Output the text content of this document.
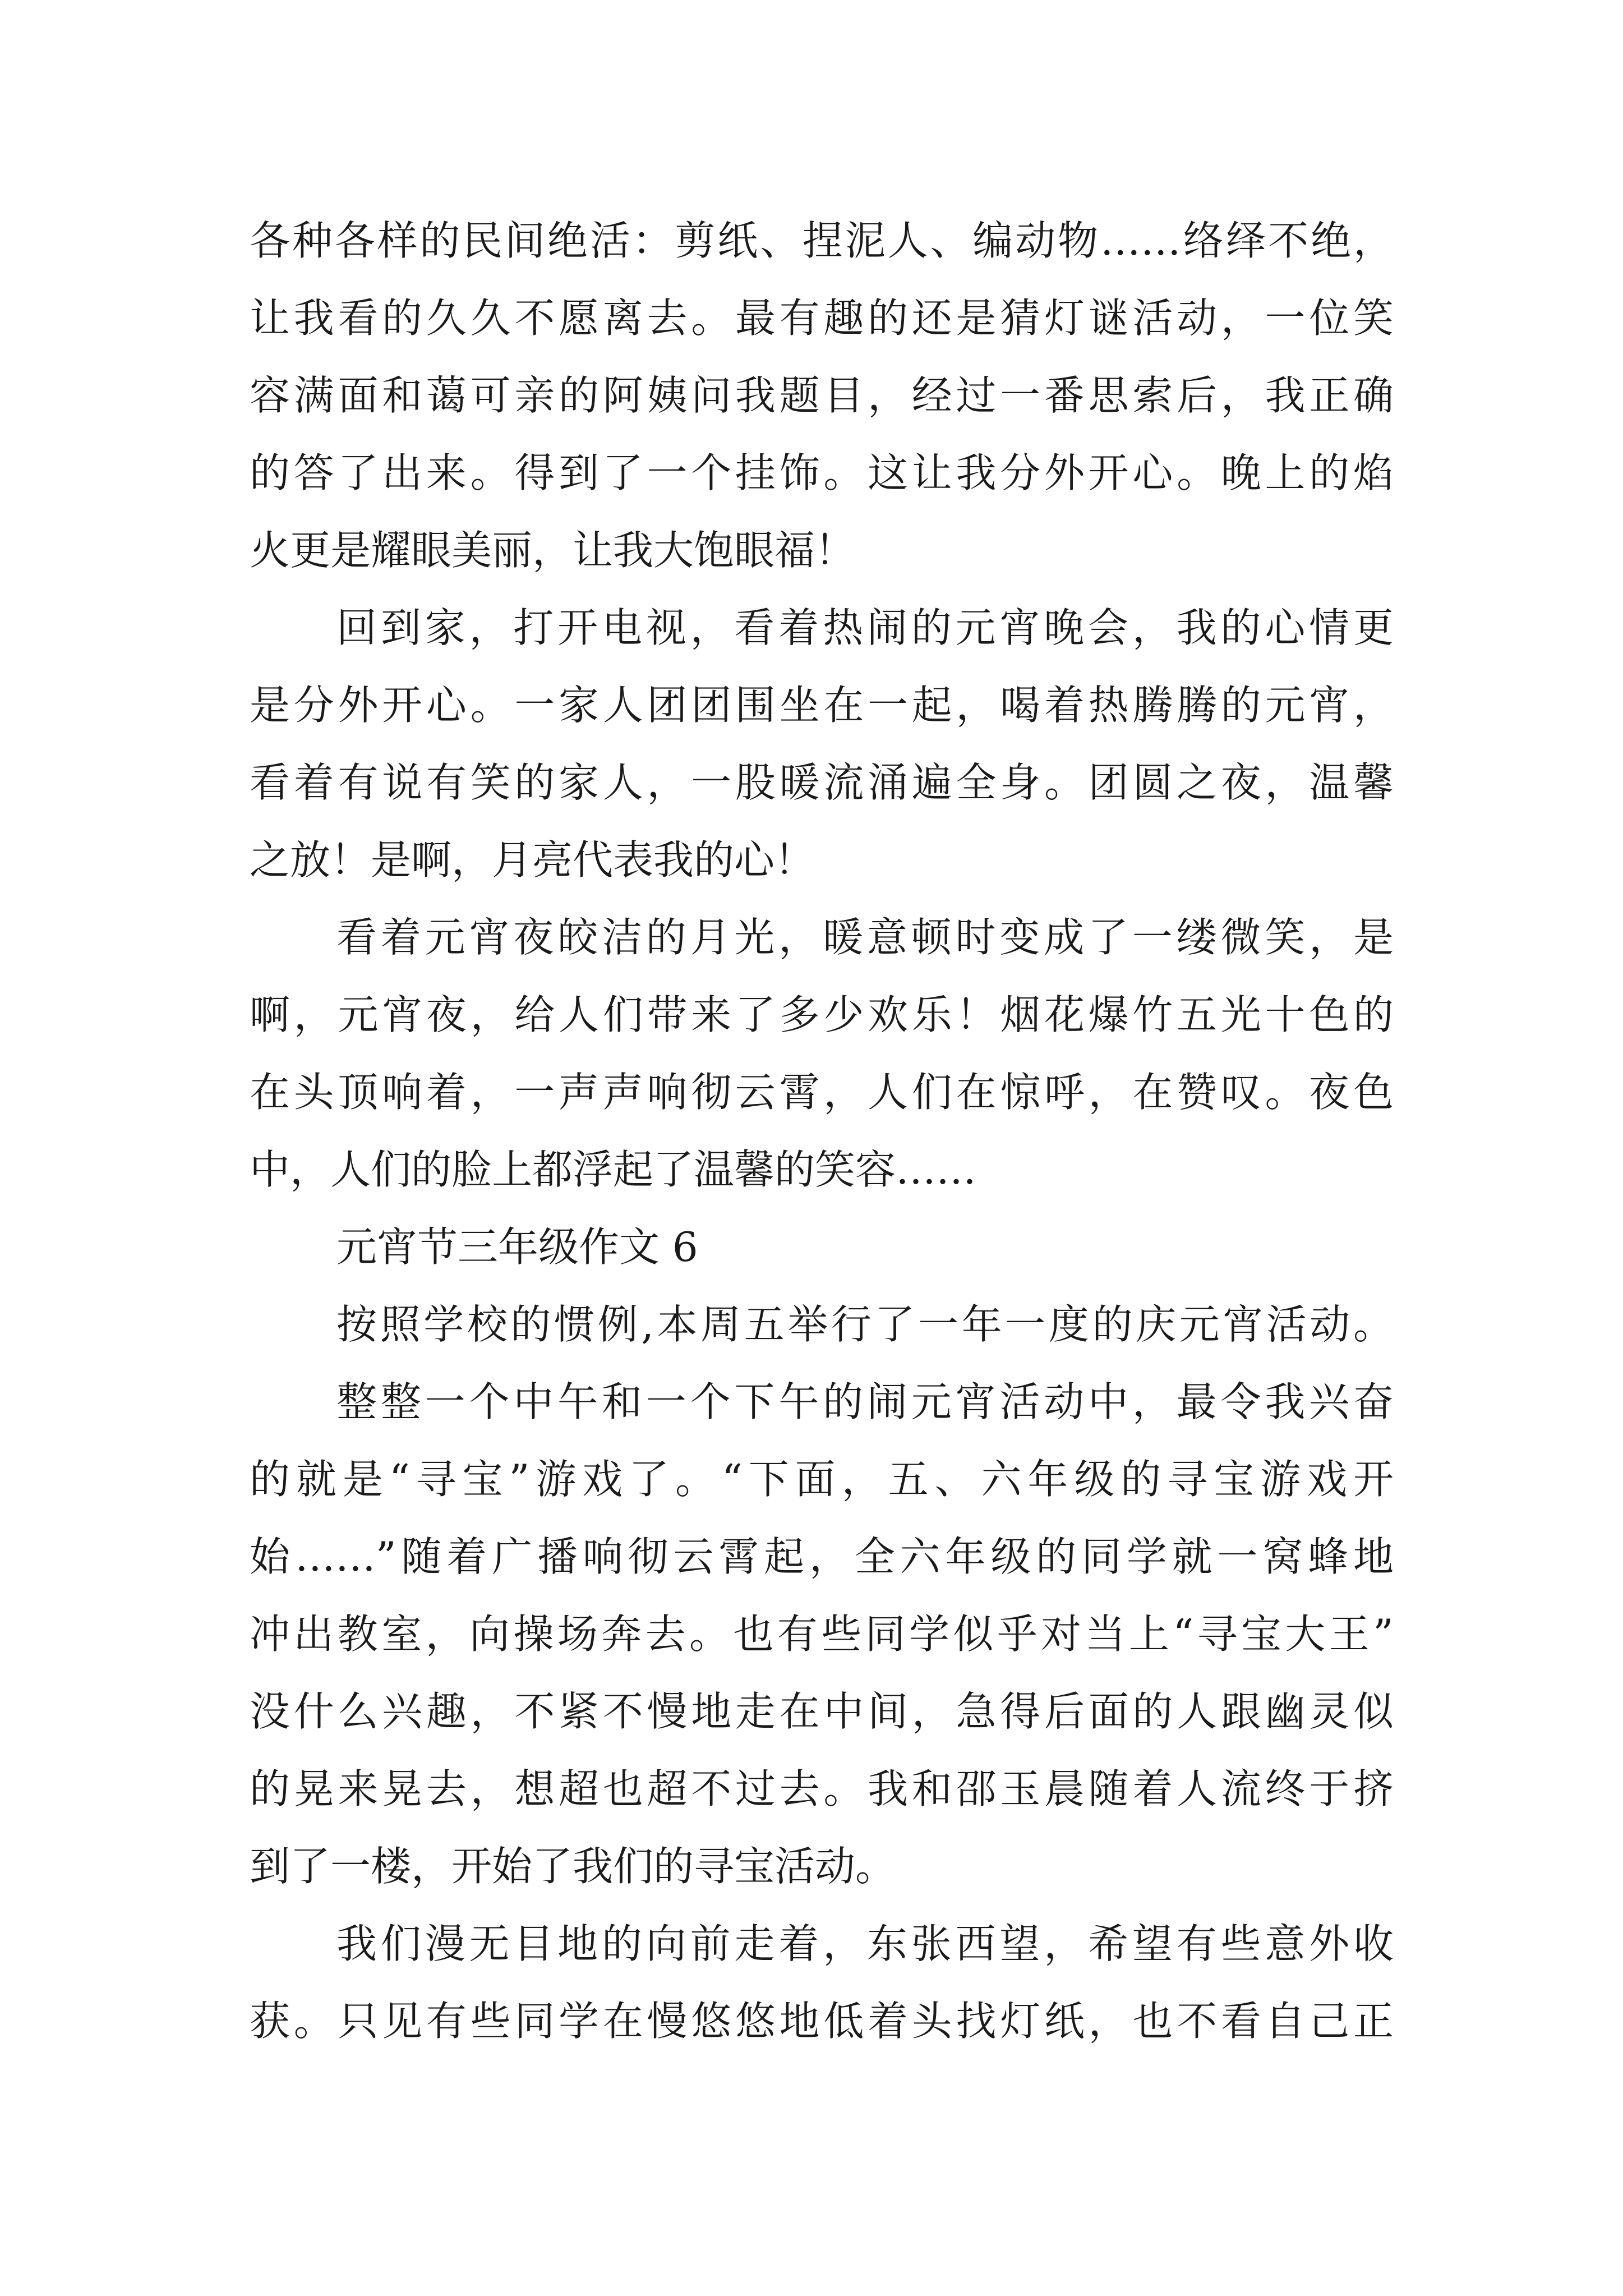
各种各样的民间绝活：剪纸、捏泥人、编动物……络绎不绝，
让我看的久久不愿离去。最有趣的还是猜灯谜活动，一位笑
容满面和蔼可亲的阿姨问我题目，经过一番思索后，我正确
的答了出来。得到了一个挂饰。这让我分外开心。晚上的焰
火更是耀眼美丽，让我大饱眼福！
回到家，打开电视，看着热闹的元宵晚会，我的心情更
是分外开心。一家人团团围坐在一起，喝着热腾腾的元宵，
看着有说有笑的家人，一股暖流涌遍全身。团圆之夜，温馨
之放！是啊，月亮代表我的心！
看着元宵夜皎洁的月光，暖意顿时变成了一缕微笑，是
啊，元宵夜，给人们带来了多少欢乐！烟花爆竹五光十色的
在头顶响着，一声声响彻云霄，人们在惊呼，在赞叹。夜色
中，人们的脸上都浮起了温馨的笑容……
元宵节三年级作文 6
按照学校的惯例,本周五举行了一年一度的庆元宵活动。
整整一个中午和一个下午的闹元宵活动中，最令我兴奋
的就是“寻宝”游戏了。“下面，五、六年级的寻宝游戏开
始……”随着广播响彻云霄起，全六年级的同学就一窝蜂地
冲出教室，向操场奔去。也有些同学似乎对当上“寻宝大王”
没什么兴趣，不紧不慢地走在中间，急得后面的人跟幽灵似
的晃来晃去，想超也超不过去。我和邵玉晨随着人流终于挤
到了一楼，开始了我们的寻宝活动。
我们漫无目地的向前走着，东张西望，希望有些意外收
获。只见有些同学在慢悠悠地低着头找灯纸，也不看自己正
